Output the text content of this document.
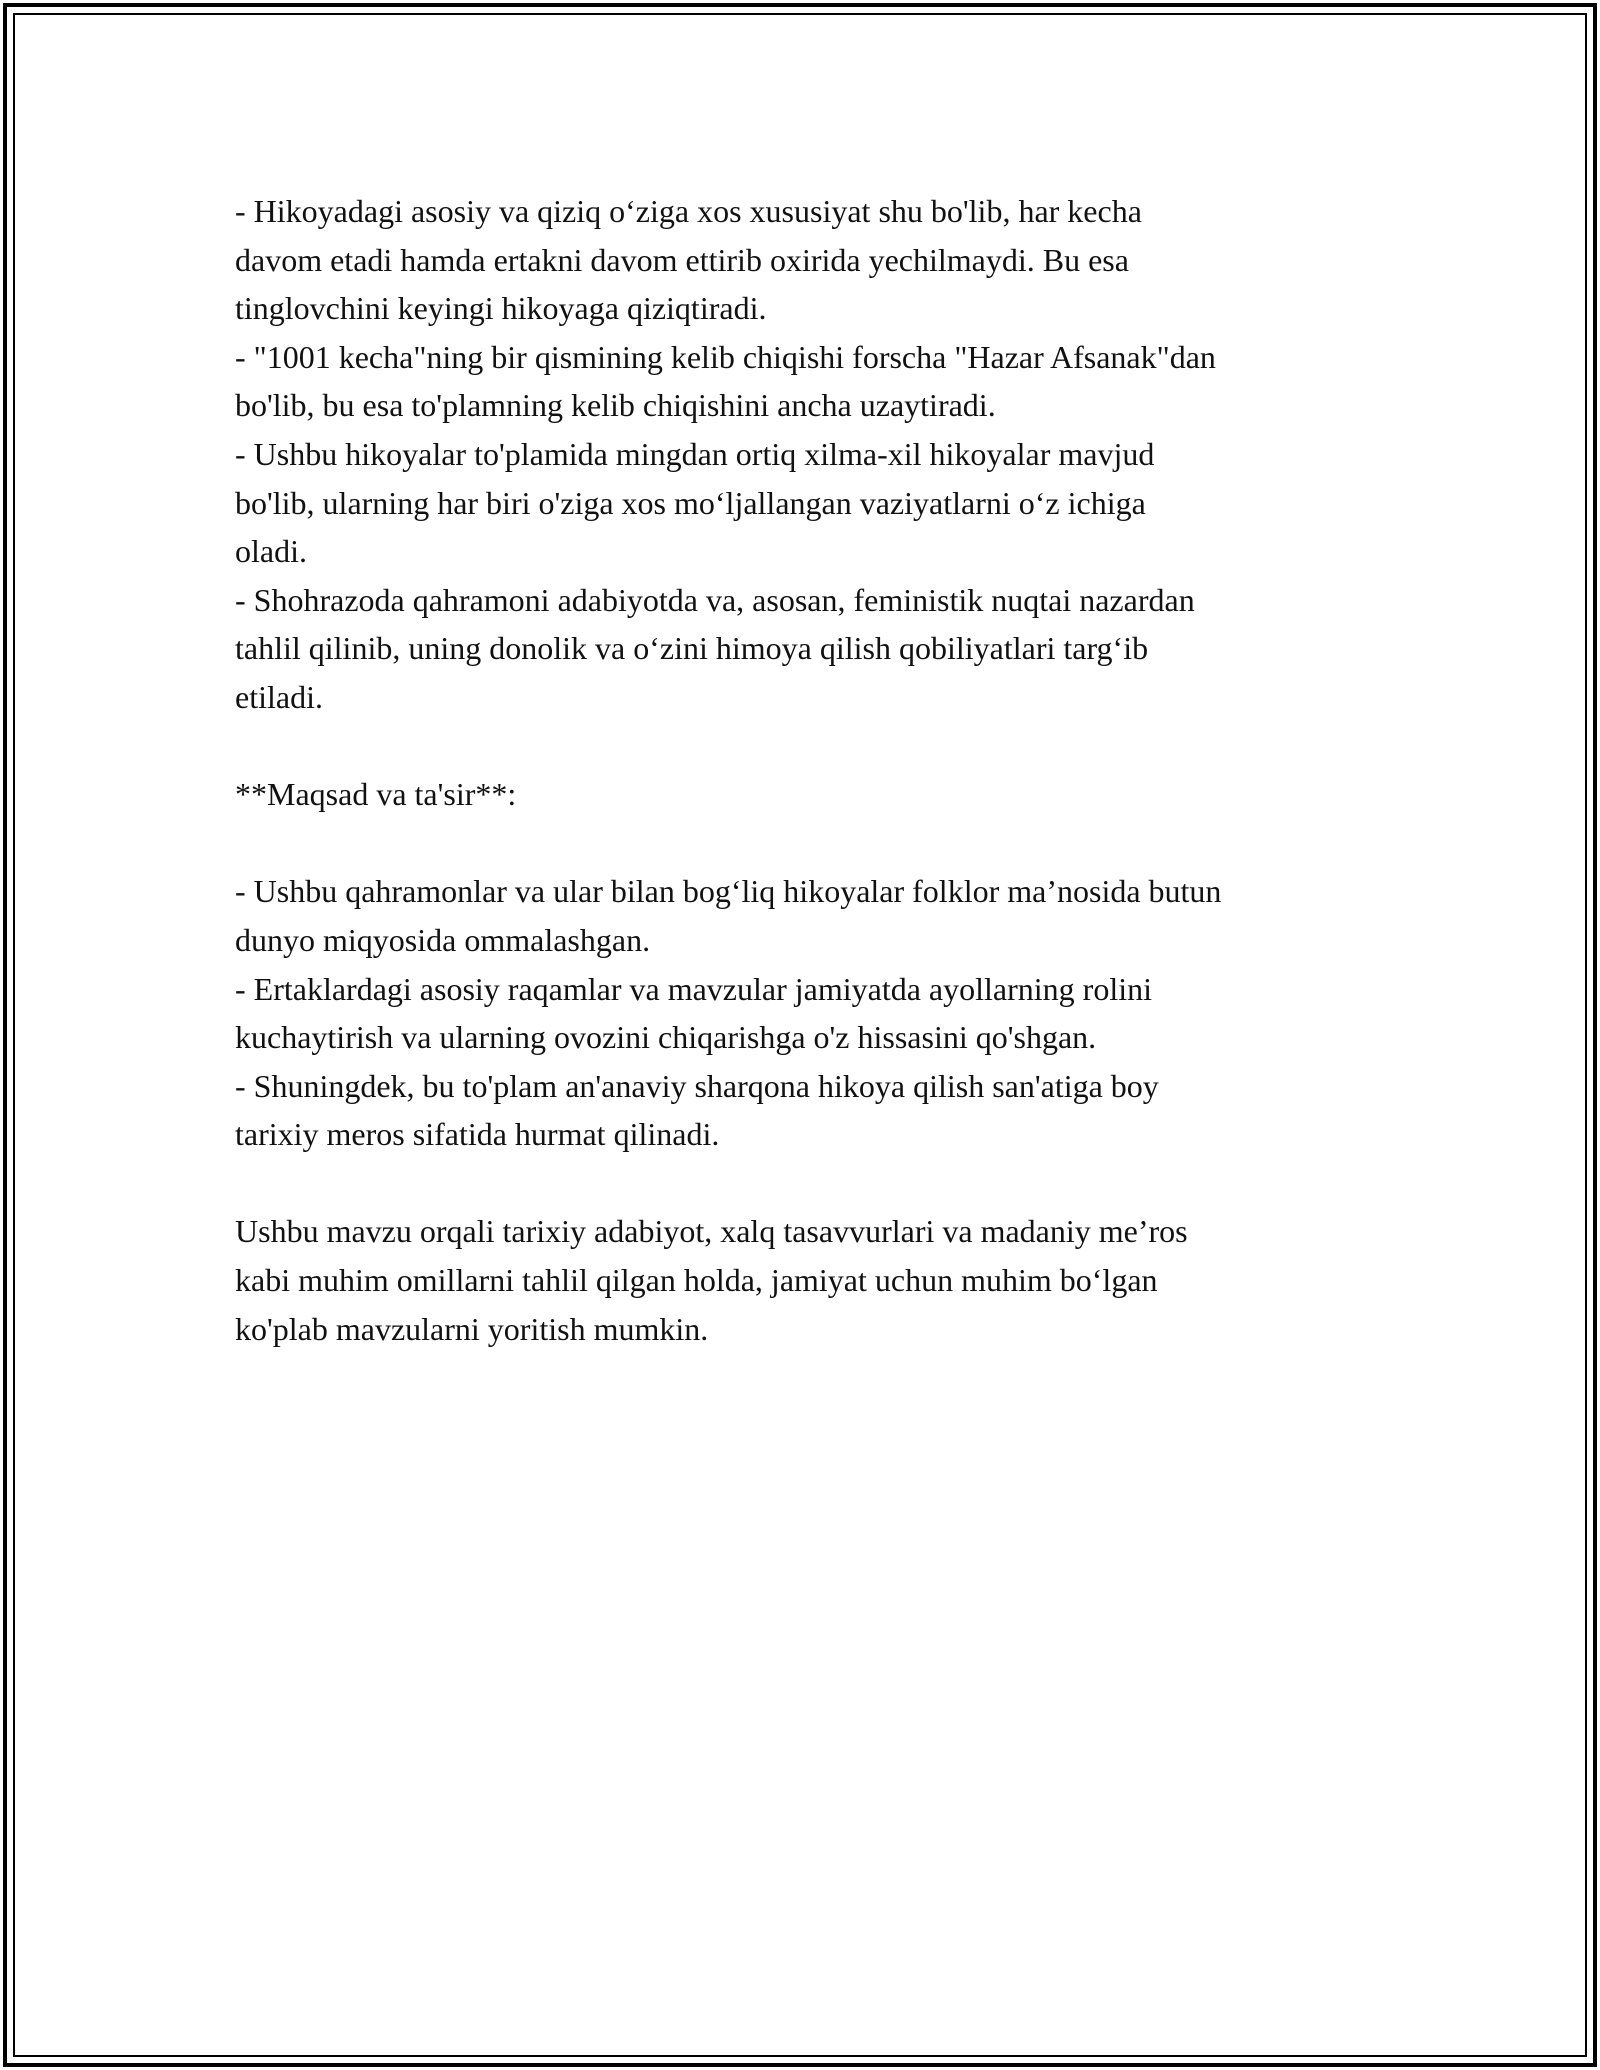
- Hikoyadagi asosiy va qiziq o‘ziga xos xususiyat shu bo'lib, har kecha
davom etadi hamda ertakni davom ettirib oxirida yechilmaydi. Bu esa
tinglovchini keyingi hikoyaga qiziqtiradi.
- "1001 kecha"ning bir qismining kelib chiqishi forscha "Hazar Afsanak"dan
bo'lib, bu esa to'plamning kelib chiqishini ancha uzaytiradi.
- Ushbu hikoyalar to'plamida mingdan ortiq xilma-xil hikoyalar mavjud
bo'lib, ularning har biri o'ziga xos mo‘ljallangan vaziyatlarni o‘z ichiga
oladi.
- Shohrazoda qahramoni adabiyotda va, asosan, feministik nuqtai nazardan
tahlil qilinib, uning donolik va o‘zini himoya qilish qobiliyatlari targ‘ib
etiladi.
**Maqsad va ta'sir**:
- Ushbu qahramonlar va ular bilan bog‘liq hikoyalar folklor ma’nosida butun
dunyo miqyosida ommalashgan.
- Ertaklardagi asosiy raqamlar va mavzular jamiyatda ayollarning rolini
kuchaytirish va ularning ovozini chiqarishga o'z hissasini qo'shgan.
- Shuningdek, bu to'plam an'anaviy sharqona hikoya qilish san'atiga boy
tarixiy meros sifatida hurmat qilinadi.
Ushbu mavzu orqali tarixiy adabiyot, xalq tasavvurlari va madaniy me’ros
kabi muhim omillarni tahlil qilgan holda, jamiyat uchun muhim bo‘lgan
ko'plab mavzularni yoritish mumkin.
